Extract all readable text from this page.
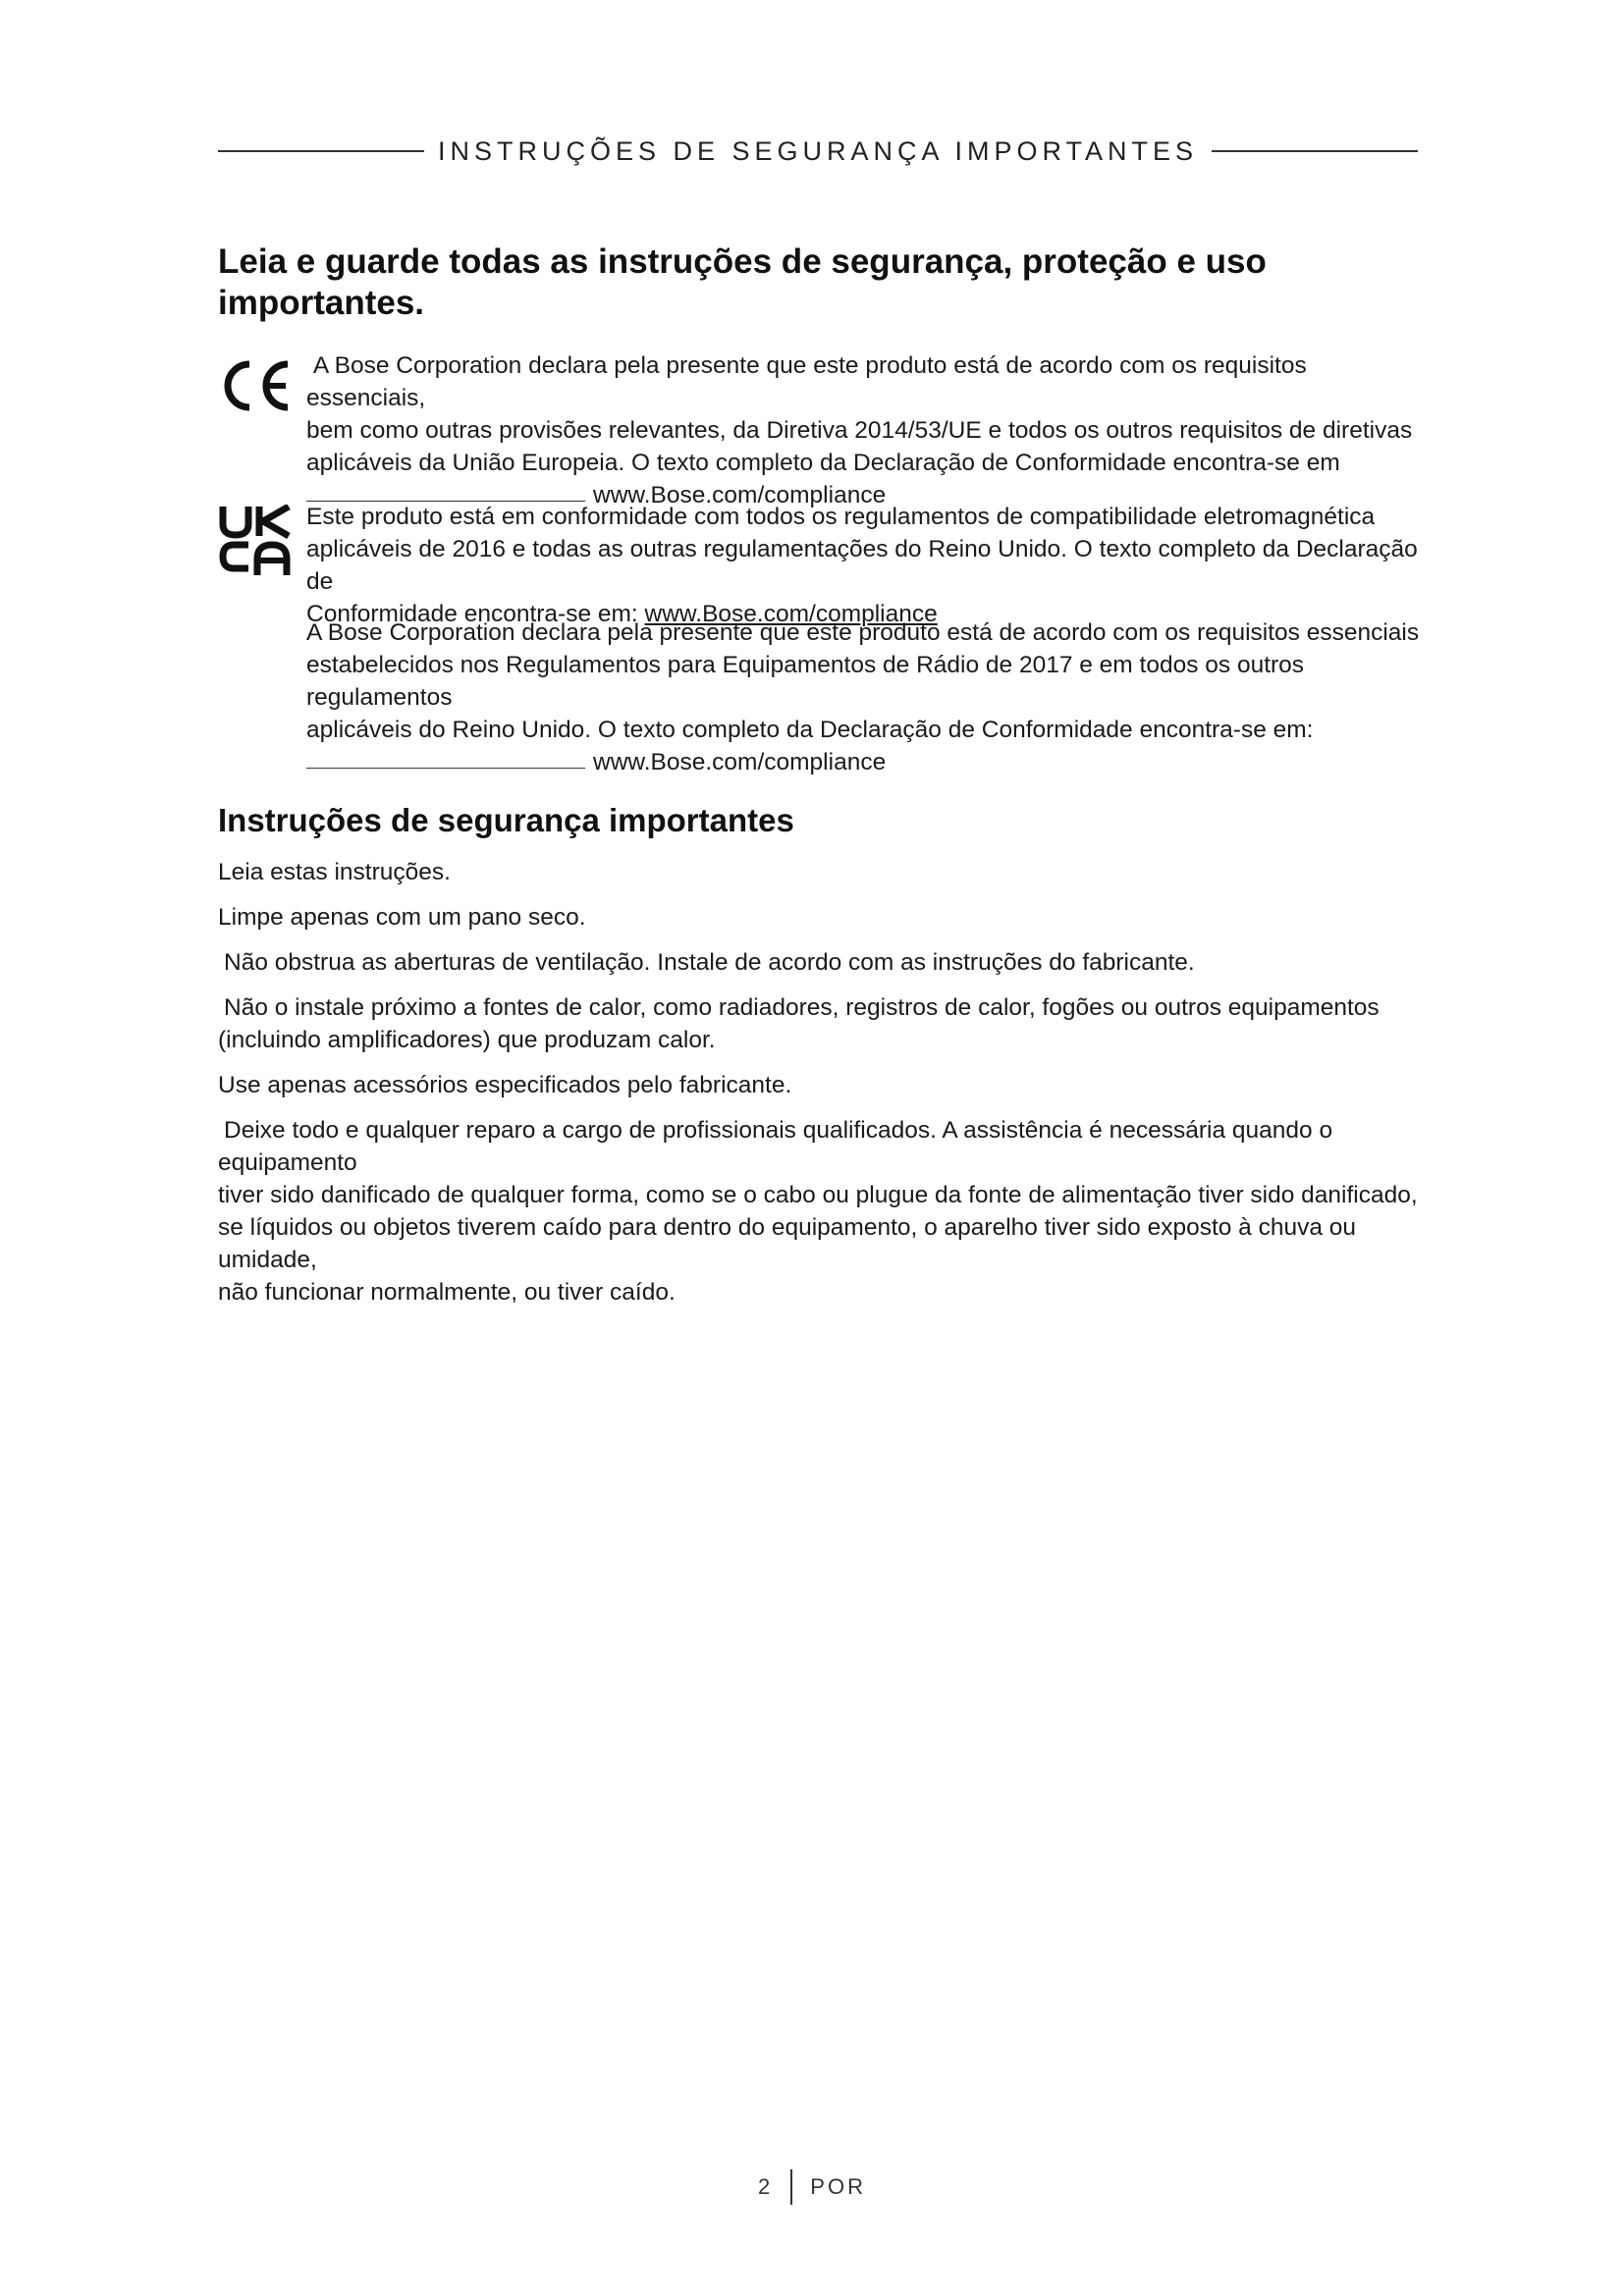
INSTRUÇÕES DE SEGURANÇA IMPORTANTES
Leia e guarde todas as instruções de segurança, proteção e uso importantes.

A Bose Corporation declara pela presente que este produto está de acordo com os requisitos essenciais,
bem como outras provisões relevantes, da Diretiva 2014/53/UE e todos os outros requisitos de diretivas
aplicáveis da União Europeia. O texto completo da Declaração de Conformidade encontra-se em
www.Bose.com/compliance

Este produto está em conformidade com todos os regulamentos de compatibilidade eletromagnética
aplicáveis de 2016 e todas as outras regulamentações do Reino Unido. O texto completo da Declaração de
Conformidade encontra-se em: www.Bose.com/compliance

A Bose Corporation declara pela presente que este produto está de acordo com os requisitos essenciais
estabelecidos nos Regulamentos para Equipamentos de Rádio de 2017 e em todos os outros regulamentos
aplicáveis do Reino Unido. O texto completo da Declaração de Conformidade encontra-se em:
www.Bose.com/compliance

Instruções de segurança importantes
Leia estas instruções.
Limpe apenas com um pano seco.
Não obstrua as aberturas de ventilação. Instale de acordo com as instruções do fabricante.
Não o instale próximo a fontes de calor, como radiadores, registros de calor, fogões ou outros equipamentos
(incluindo amplificadores) que produzam calor.
Use apenas acessórios especificados pelo fabricante.
Deixe todo e qualquer reparo a cargo de profissionais qualificados. A assistência é necessária quando o equipamento
tiver sido danificado de qualquer forma, como se o cabo ou plugue da fonte de alimentação tiver sido danificado,
se líquidos ou objetos tiverem caído para dentro do equipamento, o aparelho tiver sido exposto à chuva ou umidade,
não funcionar normalmente, ou tiver caído.
2 POR
